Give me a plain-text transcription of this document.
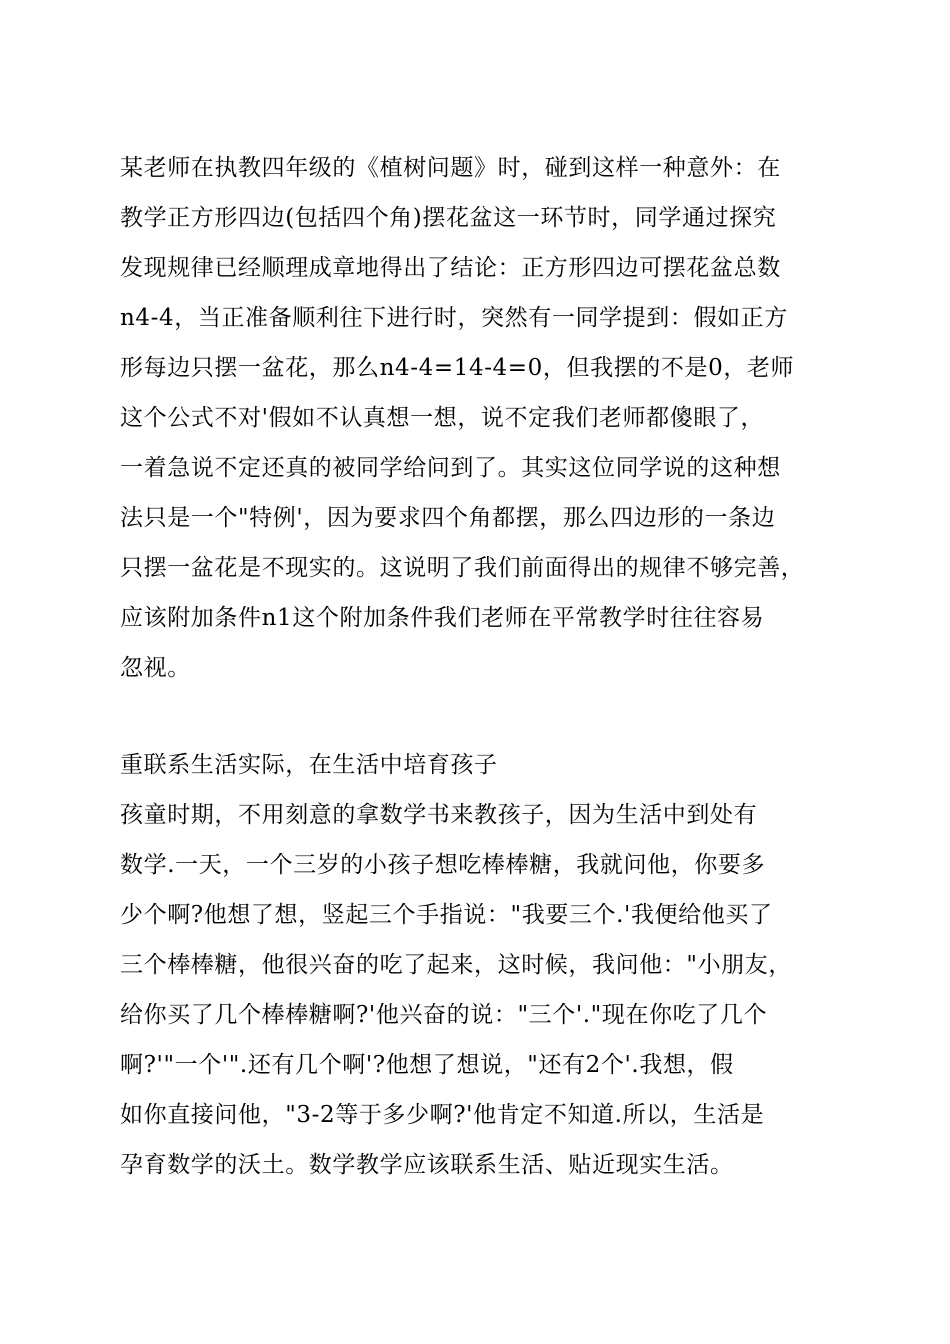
某老师在执教四年级的《植树问题》时，碰到这样一种意外：在
教学正方形四边(包括四个角)摆花盆这一环节时，同学通过探究
发现规律已经顺理成章地得出了结论：正方形四边可摆花盆总数
n4-4，当正准备顺利往下进行时，突然有一同学提到：假如正方
形每边只摆一盆花，那么n4-4=14-4=0，但我摆的不是0，老师
这个公式不对'假如不认真想一想，说不定我们老师都傻眼了，
一着急说不定还真的被同学给问到了。其实这位同学说的这种想
法只是一个"特例'，因为要求四个角都摆，那么四边形的一条边
只摆一盆花是不现实的。这说明了我们前面得出的规律不够完善，
应该附加条件n1这个附加条件我们老师在平常教学时往往容易
忽视。
重联系生活实际，在生活中培育孩子
孩童时期，不用刻意的拿数学书来教孩子，因为生活中到处有
数学.一天，一个三岁的小孩子想吃棒棒糖，我就问他，你要多
少个啊?他想了想，竖起三个手指说："我要三个.'我便给他买了
三个棒棒糖，他很兴奋的吃了起来，这时候，我问他："小朋友，
给你买了几个棒棒糖啊?'他兴奋的说："三个'."现在你吃了几个
啊?'"一个'".还有几个啊'?他想了想说，"还有2个'.我想，假
如你直接问他，"3-2等于多少啊?'他肯定不知道.所以，生活是
孕育数学的沃土。数学教学应该联系生活、贴近现实生活。
